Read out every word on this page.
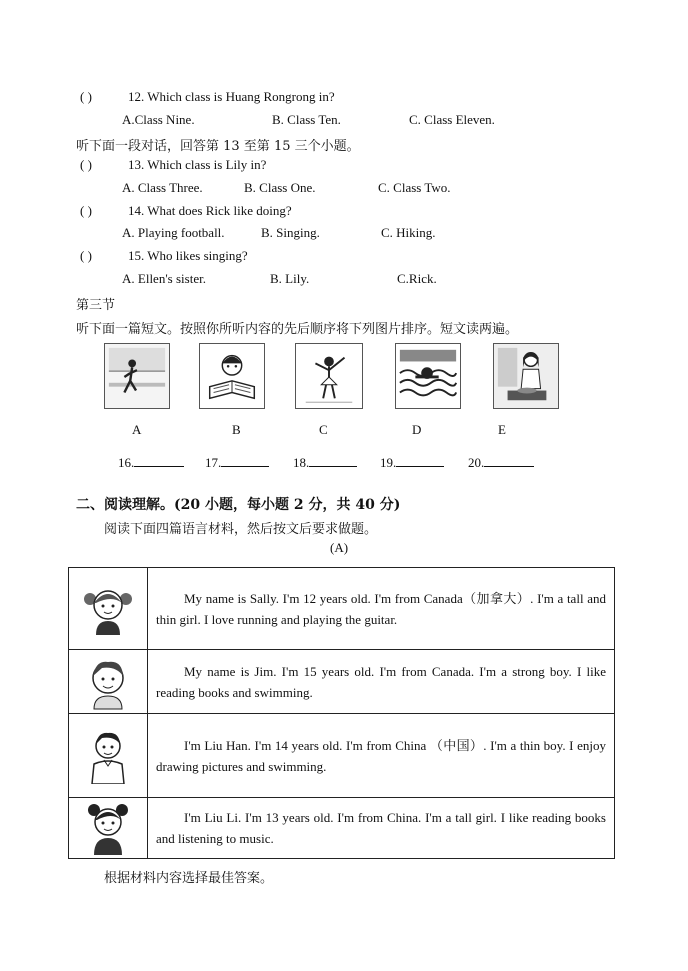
( )	12. Which class is Huang Rongrong in?
A.Class Nine.	B. Class Ten.	C. Class Eleven.
听下面一段对话，回答第 13 至第 15 三个小题。
( )	13. Which class is Lily in?
A. Class Three.	B. Class One.	C. Class Two.
( )	14. What does Rick like doing?
A. Playing football.	B. Singing.	C. Hiking.
( )	15. Who likes singing?
A. Ellen's sister.	B. Lily.	C.Rick.
第三节
听下面一篇短文。按照你所听内容的先后顺序将下列图片排序。短文读两遍。
A	B	C	D	E
16.	17.	18.	19.	20.
二、阅读理解。(20 小题，每小题 2 分，共 40 分)
阅读下面四篇语言材料，然后按文后要求做题。
(A)

My name is Sally. I'm 12 years old. I'm from Canada（加拿大）. I'm a tall and thin girl. I love running and playing the guitar.

My name is Jim. I'm 15 years old. I'm from Canada. I'm a strong boy. I like reading books and swimming.

I'm Liu Han. I'm 14 years old. I'm from China （中国）. I'm a thin boy. I enjoy drawing pictures and swimming.

I'm Liu Li. I'm 13 years old. I'm from China. I'm a tall girl. I like reading books and listening to music.
根据材料内容选择最佳答案。
